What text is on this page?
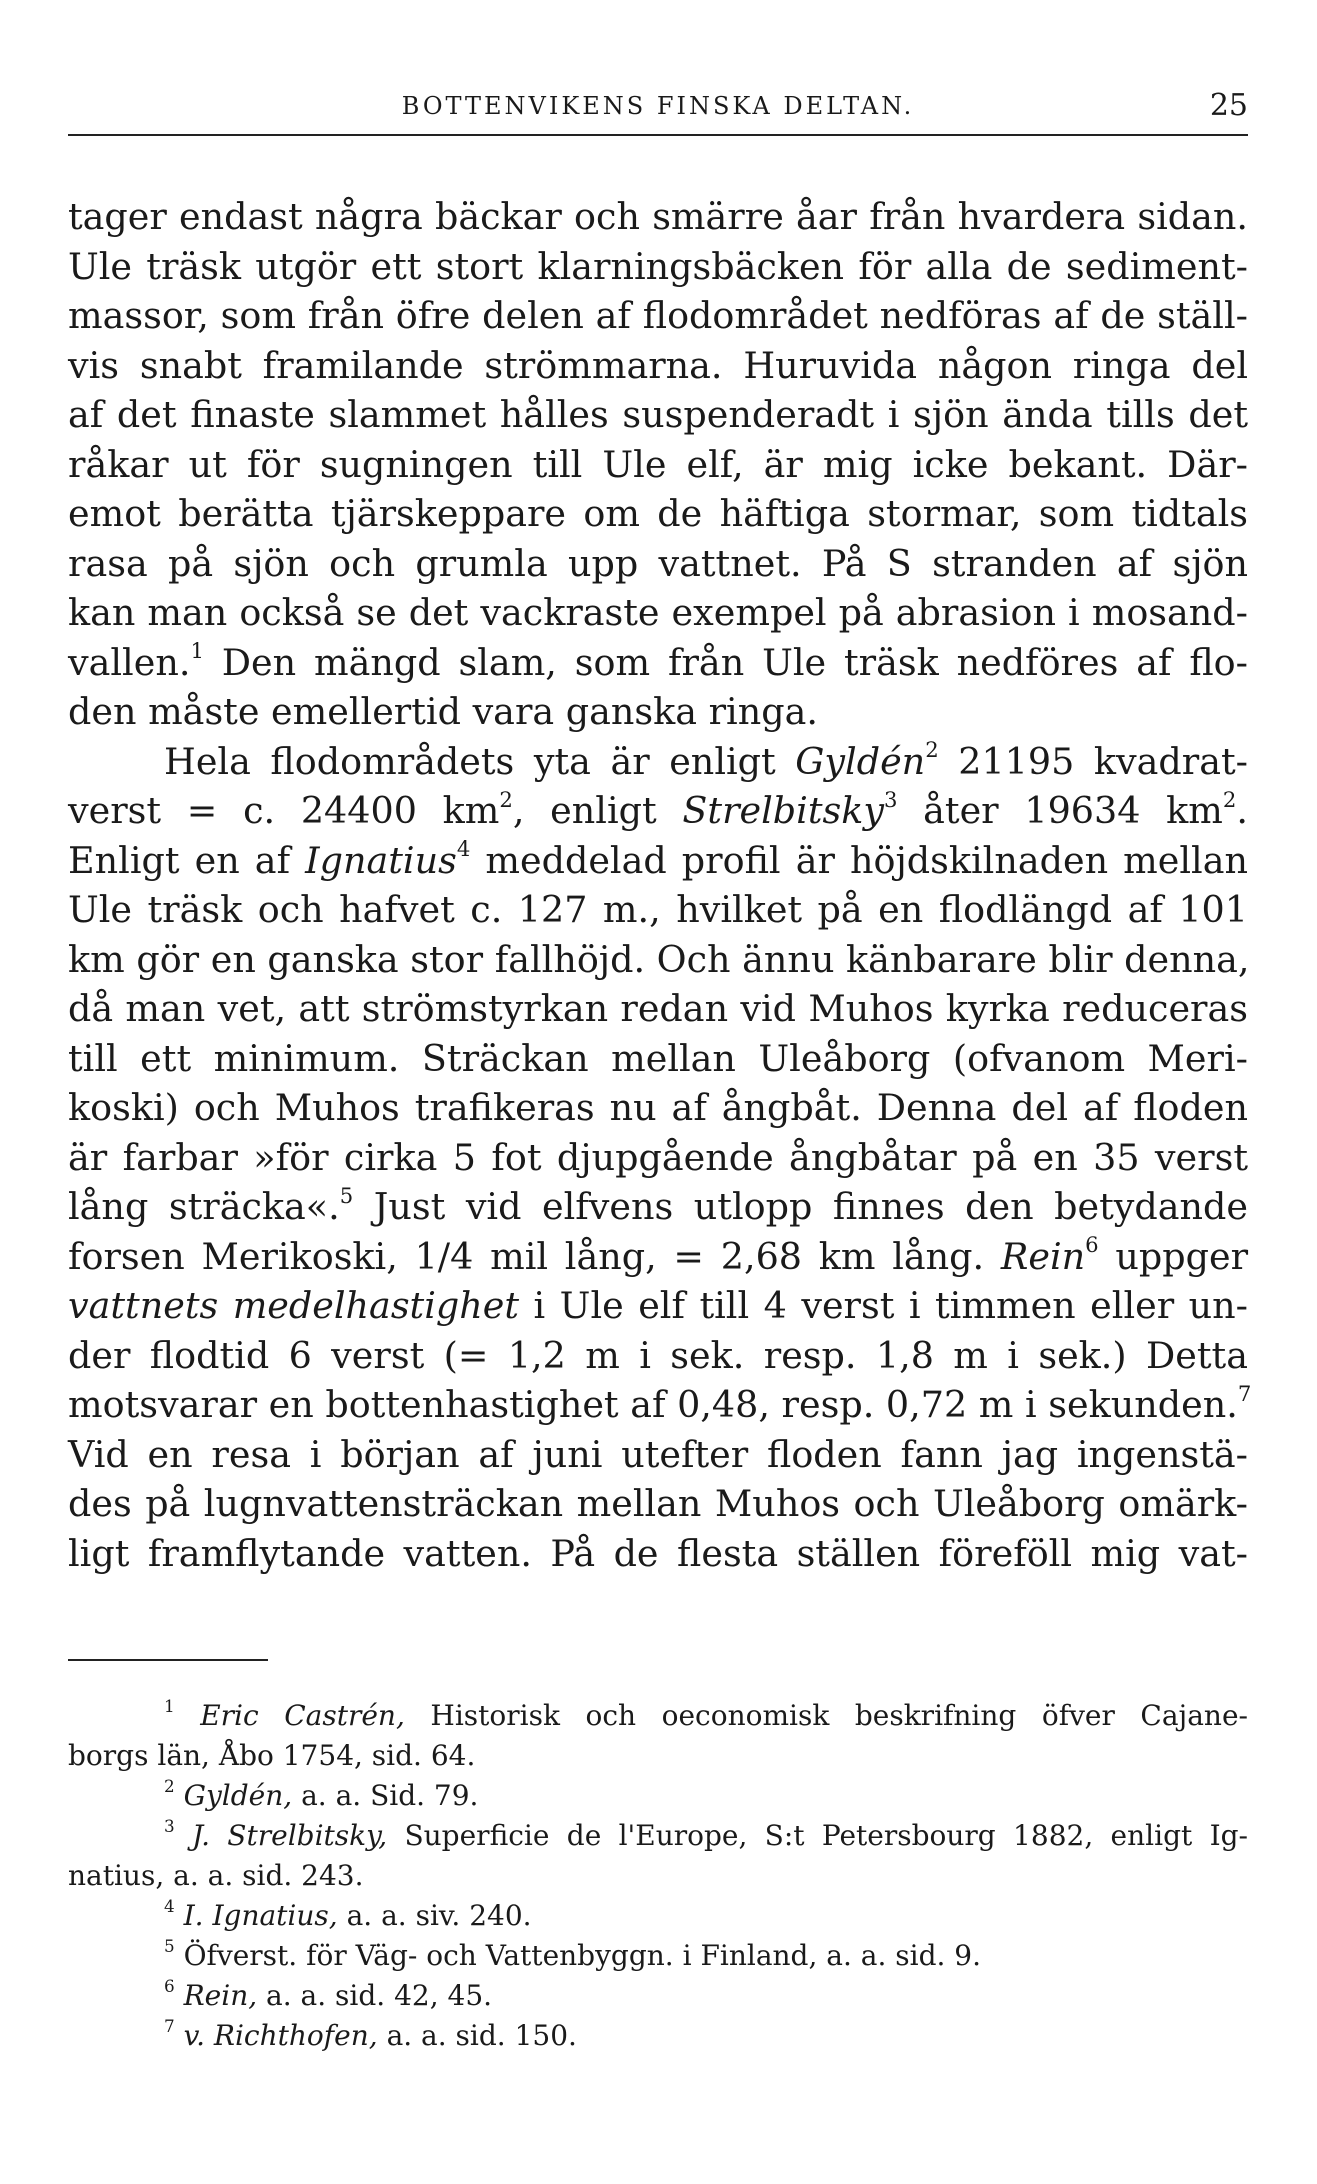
BOTTENVIKENS FINSKA DELTAN.	25
tager endast några bäckar och smärre åar från hvardera sidan.
Ule träsk utgör ett stort klarningsbäcken för alla de sediment-
massor, som från öfre delen af flodområdet nedföras af de ställ-
vis snabt framilande strömmarna. Huruvida någon ringa del
af det finaste slammet hålles suspenderadt i sjön ända tills det
råkar ut för sugningen till Ule elf, är mig icke bekant. Där-
emot berätta tjärskeppare om de häftiga stormar, som tidtals
rasa på sjön och grumla upp vattnet. På S stranden af sjön
kan man också se det vackraste exempel på abrasion i mosand-
vallen.$^1$ Den mängd slam, som från Ule träsk nedföres af flo-
den måste emellertid vara ganska ringa.
Hela flodområdets yta är enligt Gyldén$^2$ 21195 kvadrat-
verst = c. 24400 $km^2$, enligt Strelbitsky$^3$ åter 19634 $km^2$.
Enligt en af Ignatius$^4$ meddelad profil är höjdskilnaden mellan
Ule träsk och hafvet c. 127 m., hvilket på en flodlängd af 101
km gör en ganska stor fallhöjd. Och ännu känbarare blir denna,
då man vet, att strömstyrkan redan vid Muhos kyrka reduceras
till ett minimum. Sträckan mellan Uleåborg (ofvanom Meri-
koski) och Muhos trafikeras nu af ångbåt. Denna del af floden
är farbar »för cirka 5 fot djupgående ångbåtar på en 35 verst
lång sträcka«.$^5$ Just vid elfvens utlopp finnes den betydande
forsen Merikoski, 1/4 mil lång, = 2,68 km lång. Rein$^6$ uppger
vattnets medelhastighet i Ule elf till 4 verst i timmen eller un-
der flodtid 6 verst (= 1,2 m i sek. resp. 1,8 m i sek.) Detta
motsvarar en bottenhastighet af 0,48, resp. 0,72 m i sekunden.$^7$
Vid en resa i början af juni utefter floden fann jag ingenstä-
des på lugnvattensträckan mellan Muhos och Uleåborg omärk-
ligt framflytande vatten. På de flesta ställen föreföll mig vat-
$^1$ Eric Castrén, Historisk och oeconomisk beskrifning öfver Cajane-
borgs län, Åbo 1754, sid. 64.
$^2$ Gyldén, a. a. Sid. 79.
$^3$ J. Strelbitsky, Superficie de l'Europe, S:t Petersbourg 1882, enligt Ig-
natius, a. a. sid. 243.
$^4$ I. Ignatius, a. a. siv. 240.
$^5$ Öfverst. för Väg- och Vattenbyggn. i Finland, a. a. sid. 9.
$^6$ Rein, a. a. sid. 42, 45.
$^7$ v. Richthofen, a. a. sid. 150.
